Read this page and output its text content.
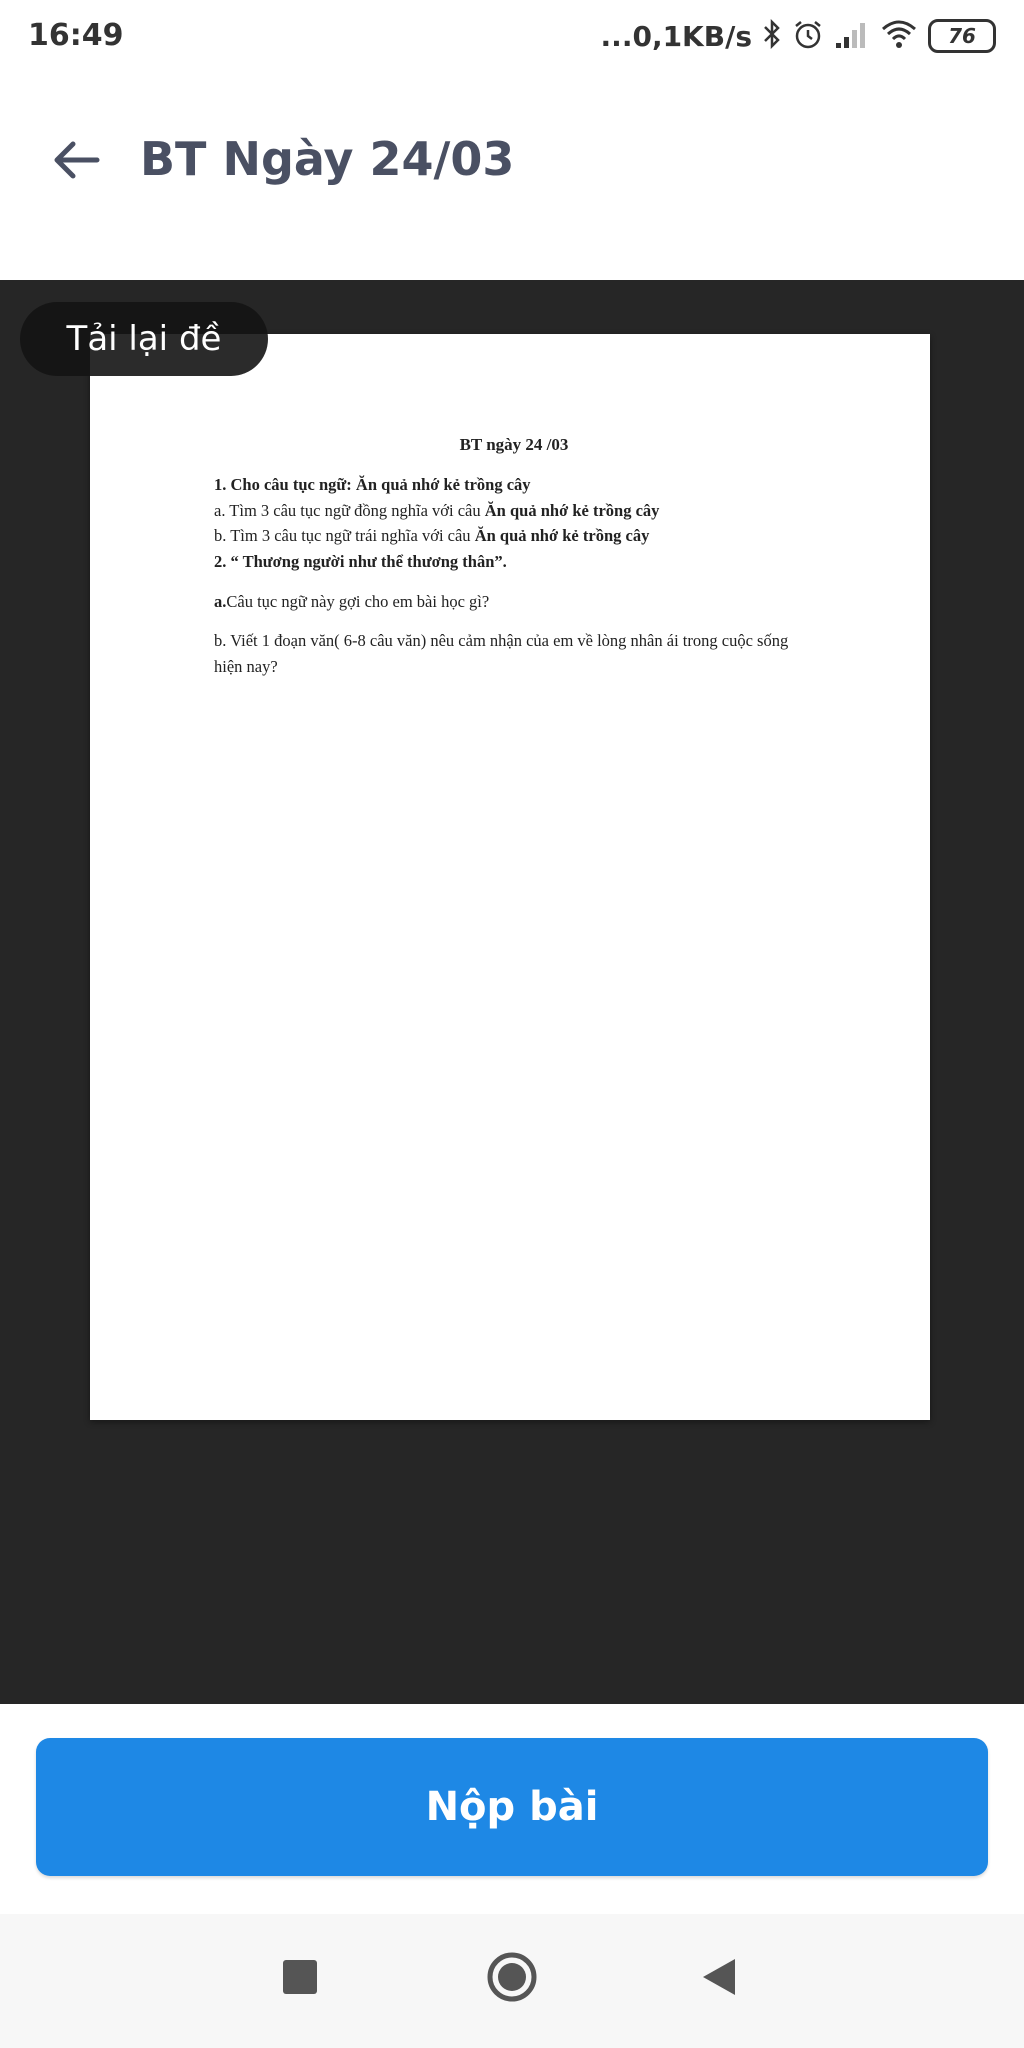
16:49	...0,1KB/s	76
BT Ngày 24/03
Tải lại đề

BT ngày 24 /03

1. Cho câu tục ngữ: Ăn quả nhớ kẻ trồng cây

a. Tìm 3 câu tục ngữ đồng nghĩa với câu Ăn quả nhớ kẻ trồng cây

b. Tìm 3 câu tục ngữ trái nghĩa với câu Ăn quả nhớ kẻ trồng cây

2. “ Thương người như thể thương thân”.

a.Câu tục ngữ này gợi cho em bài học gì?

b. Viết 1 đoạn văn( 6-8 câu văn) nêu cảm nhận của em về lòng nhân ái trong cuộc sống hiện nay?

Nộp bài
